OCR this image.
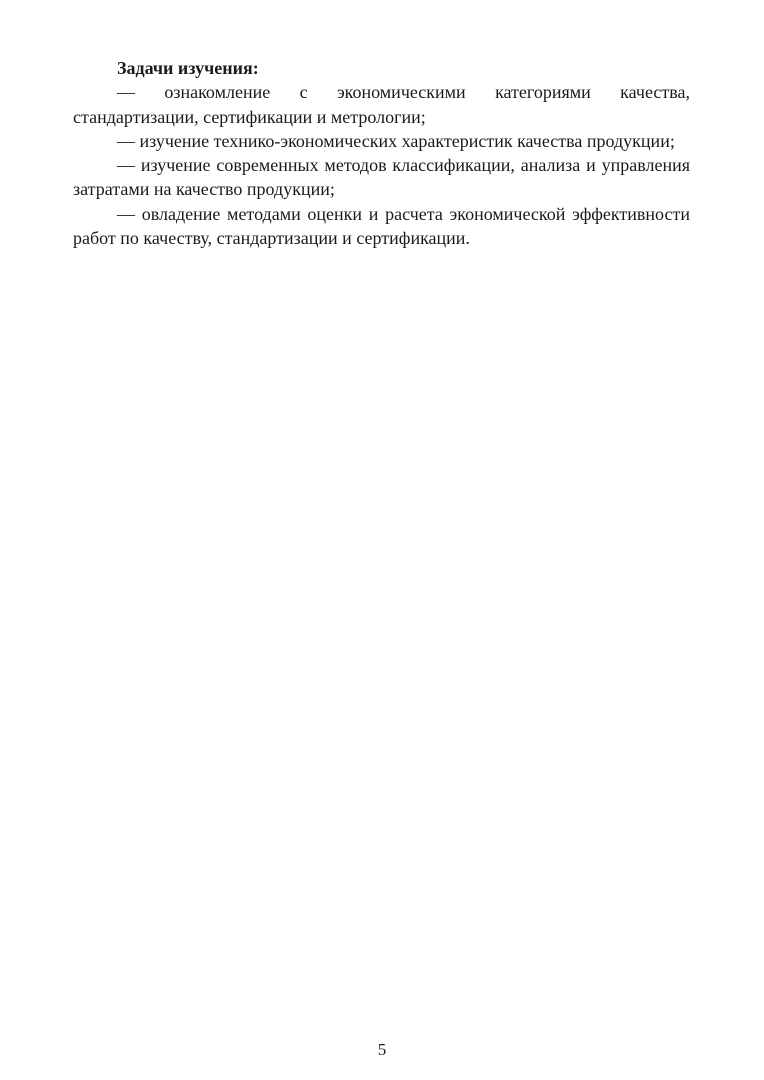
Задачи изучения:

— ознакомление с экономическими категориями качества, стандартизации, сертификации и метрологии;

— изучение технико-экономических характеристик качества продукции;

— изучение современных методов классификации, анализа и управления затратами на качество продукции;

— овладение методами оценки и расчета экономической эффективности работ по качеству, стандартизации и сертификации.

5
